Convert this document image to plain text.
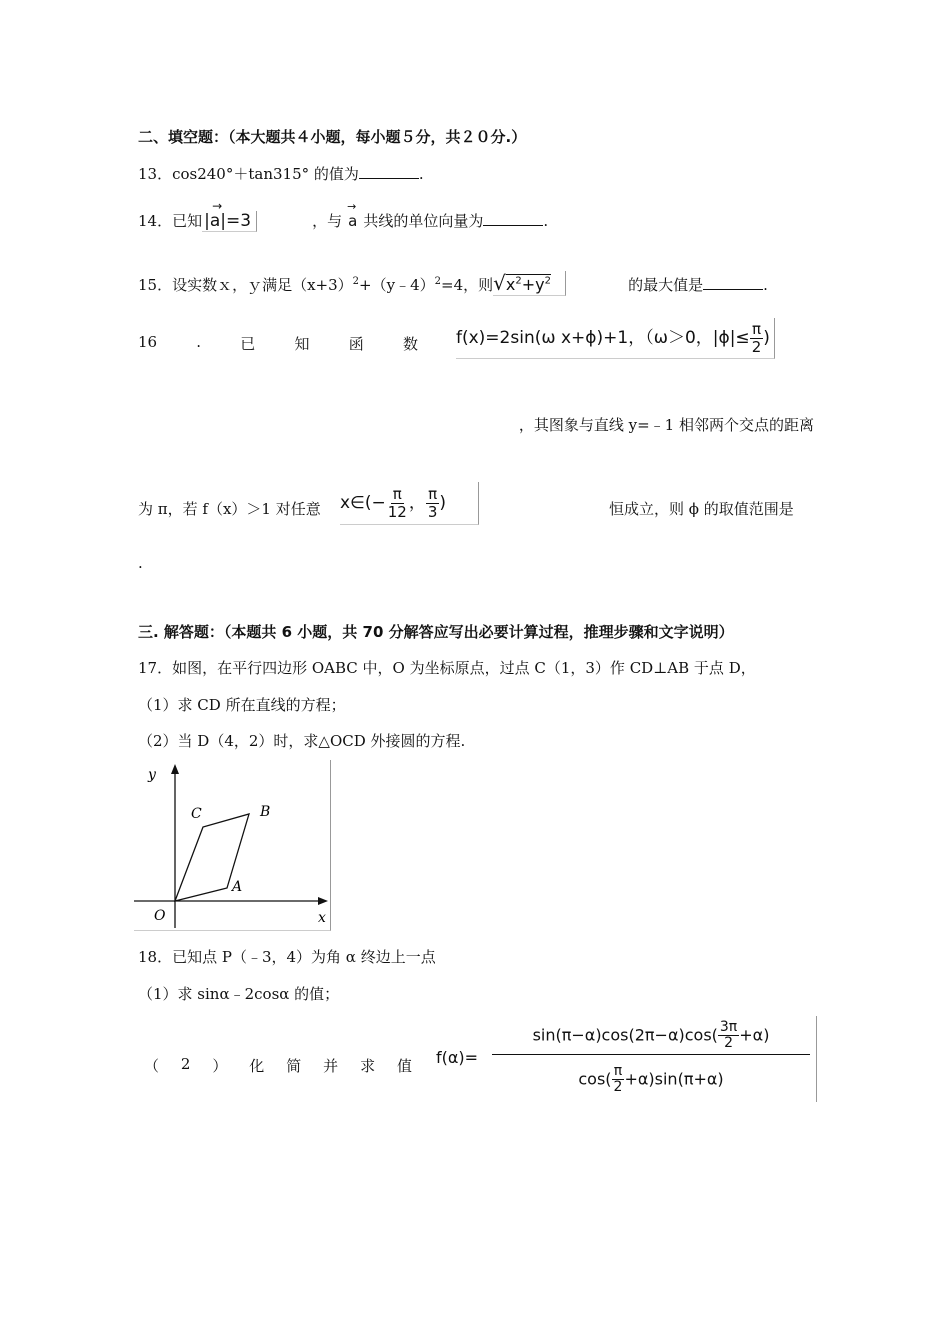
二、填空题：（本大题共４小题，每小题５分，共２０分.）
13．cos240°＋tan315° 的值为	.
14．已知
→
|a|=3	，与
→
a 共线的单位向量为	.
15．设实数ｘ，ｙ满足$(x+3)^2+(y﹣4)^2=4$，则$√x^2+y^2$	的最大值是	.
16	.	已	知	函	数 f(x)=2sin(ω x+ϕ)+1，（ω＞0，$|\phi|\le \frac{\pi}{2}$ )
，其图象与直线 y=﹣1 相邻两个交点的距离
为 π，若 f（x）＞1 对任意 x∈(− $\frac{\pi}{12}$ ， $\frac{\pi}{3}$ )	恒成立，则 ϕ 的取值范围是
.
三. 解答题：（本题共 6 小题，共 70 分解答应写出必要计算过程，推理步骤和文字说明）
17．如图，在平行四边形 OABC 中，O 为坐标原点，过点 C（1，3）作 CD⊥AB 于点 D，
（1）求 CD 所在直线的方程；
（2）当 D（4，2）时，求△OCD 外接圆的方程.
y
x
O
A
B
C
18．已知点 P（﹣3，4）为角 α 终边上一点
（1）求 sinα﹣2cosα 的值；
（ 2 ） 化 简 并 求 值 f(α)=
$\sin(\pi-\alpha)\cos(2\pi-\alpha)\cos( \frac{3\pi}{2} +\alpha)$
$\cos( \frac{\pi}{2} +\alpha)\sin(\pi+\alpha)$
